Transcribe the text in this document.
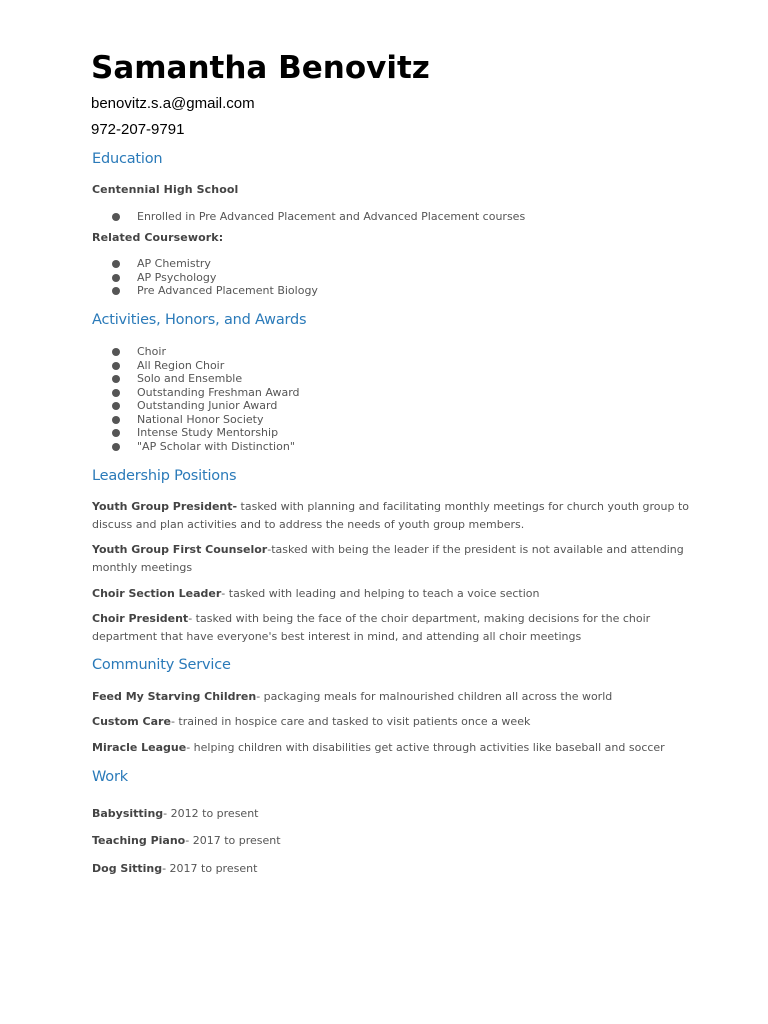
Samantha Benovitz
benovitz.s.a@gmail.com
972-207-9791
Education
Centennial High School
Enrolled in Pre Advanced Placement and Advanced Placement courses
Related Coursework:
AP Chemistry
AP Psychology
Pre Advanced Placement Biology
Activities, Honors, and Awards
Choir
All Region Choir
Solo and Ensemble
Outstanding Freshman Award
Outstanding Junior Award
National Honor Society
Intense Study Mentorship
"AP Scholar with Distinction"
Leadership Positions
Youth Group President- tasked with planning and facilitating monthly meetings for church youth group to discuss and plan activities and to address the needs of youth group members.
Youth Group First Counselor-tasked with being the leader if the president is not available and attending monthly meetings
Choir Section Leader- tasked with leading and helping to teach a voice section
Choir President- tasked with being the face of the choir department, making decisions for the choir department that have everyone's best interest in mind, and attending all choir meetings
Community Service
Feed My Starving Children- packaging meals for malnourished children all across the world
Custom Care- trained in hospice care and tasked to visit patients once a week
Miracle League- helping children with disabilities get active through activities like baseball and soccer
Work
Babysitting- 2012 to present
Teaching Piano- 2017 to present
Dog Sitting- 2017 to present
